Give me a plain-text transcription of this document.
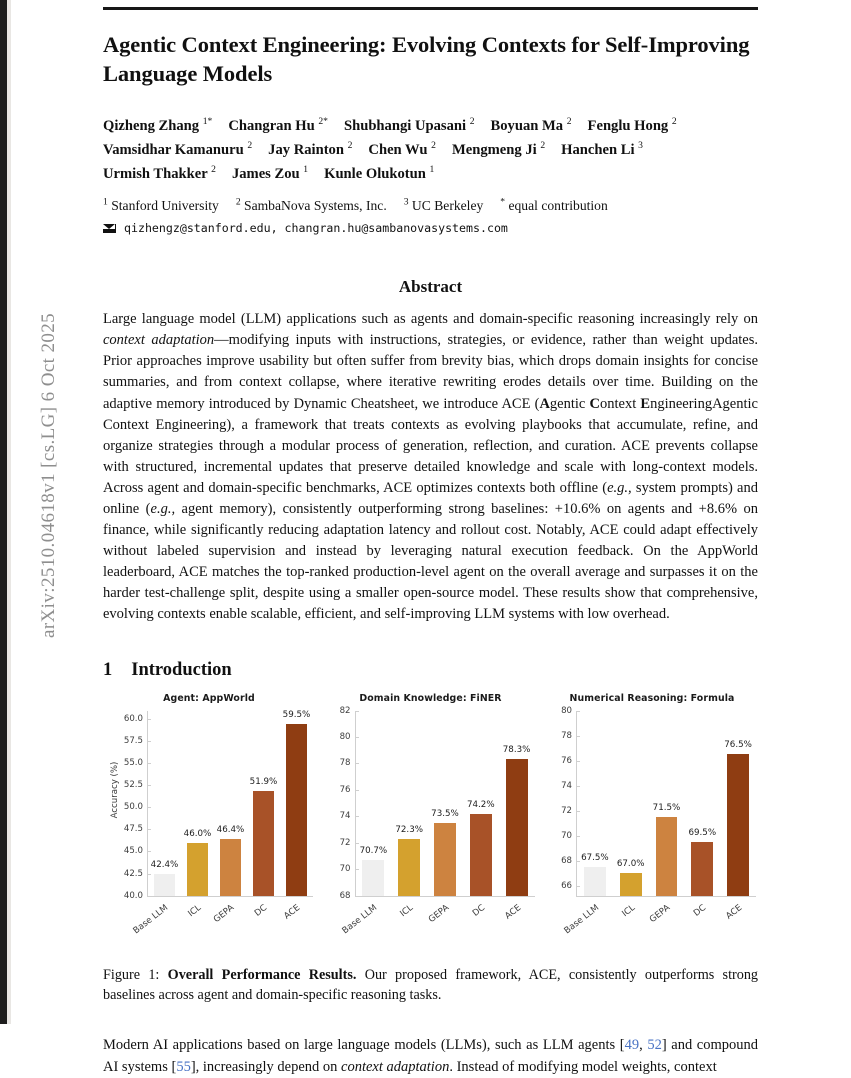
arXiv:2510.04618v1 [cs.LG] 6 Oct 2025
Agentic Context Engineering: Evolving Contexts for Self-Improving Language Models
Qizheng Zhang $^{1*}$ Changran Hu $^{2*}$ Shubhangi Upasani $^2$ Boyuan Ma $^2$ Fenglu Hong $^2$
Vamsidhar Kamanuru $^2$ Jay Rainton $^2$ Chen Wu $^2$ Mengmeng Ji $^2$ Hanchen Li $^3$
Urmish Thakker $^2$ James Zou $^1$ Kunle Olukotun $^1$
$^1$ Stanford University $^2$ SambaNova Systems, Inc. $^3$ UC Berkeley * equal contribution
qizhengz@stanford.edu, changran.hu@sambanovasystems.com
Abstract

Large language model (LLM) applications such as agents and domain-specific reasoning increasingly rely on context adaptation—modifying inputs with instructions, strategies, or evidence, rather than weight updates. Prior approaches improve usability but often suffer from brevity bias, which drops domain insights for concise summaries, and from context collapse, where iterative rewriting erodes details over time. Building on the adaptive memory introduced by Dynamic Cheatsheet, we introduce ACE (Agentic Context EngineeringAgentic Context Engineering), a framework that treats contexts as evolving playbooks that accumulate, refine, and organize strategies through a modular process of generation, reflection, and curation. ACE prevents collapse with structured, incremental updates that preserve detailed knowledge and scale with long-context models. Across agent and domain-specific benchmarks, ACE optimizes contexts both offline (e.g., system prompts) and online (e.g., agent memory), consistently outperforming strong baselines: +10.6% on agents and +8.6% on finance, while significantly reducing adaptation latency and rollout cost. Notably, ACE could adapt effectively without labeled supervision and instead by leveraging natural execution feedback. On the AppWorld leaderboard, ACE matches the top-ranked production-level agent on the overall average and surpasses it on the harder test-challenge split, despite using a smaller open-source model. These results show that comprehensive, evolving contexts enable scalable, efficient, and self-improving LLM systems with low overhead.

1 Introduction
Agent: AppWorld
Accuracy (%)
40.0
42.5
45.0
47.5
50.0
52.5
55.0
57.5
60.0
42.4%
Base LLM
46.0%
ICL
46.4%
GEPA
51.9%
DC
59.5%
ACE
Domain Knowledge: FiNER
68
70
72
74
76
78
80
82
70.7%
Base LLM
72.3%
ICL
73.5%
GEPA
74.2%
DC
78.3%
ACE
Numerical Reasoning: Formula
66
68
70
72
74
76
78
80
67.5%
Base LLM
67.0%
ICL
71.5%
GEPA
69.5%
DC
76.5%
ACE

Figure 1: Overall Performance Results. Our proposed framework, ACE, consistently outperforms strong baselines across agent and domain-specific reasoning tasks.

Modern AI applications based on large language models (LLMs), such as LLM agents [49, 52] and compound AI systems [55], increasingly depend on context adaptation. Instead of modifying model weights, context
